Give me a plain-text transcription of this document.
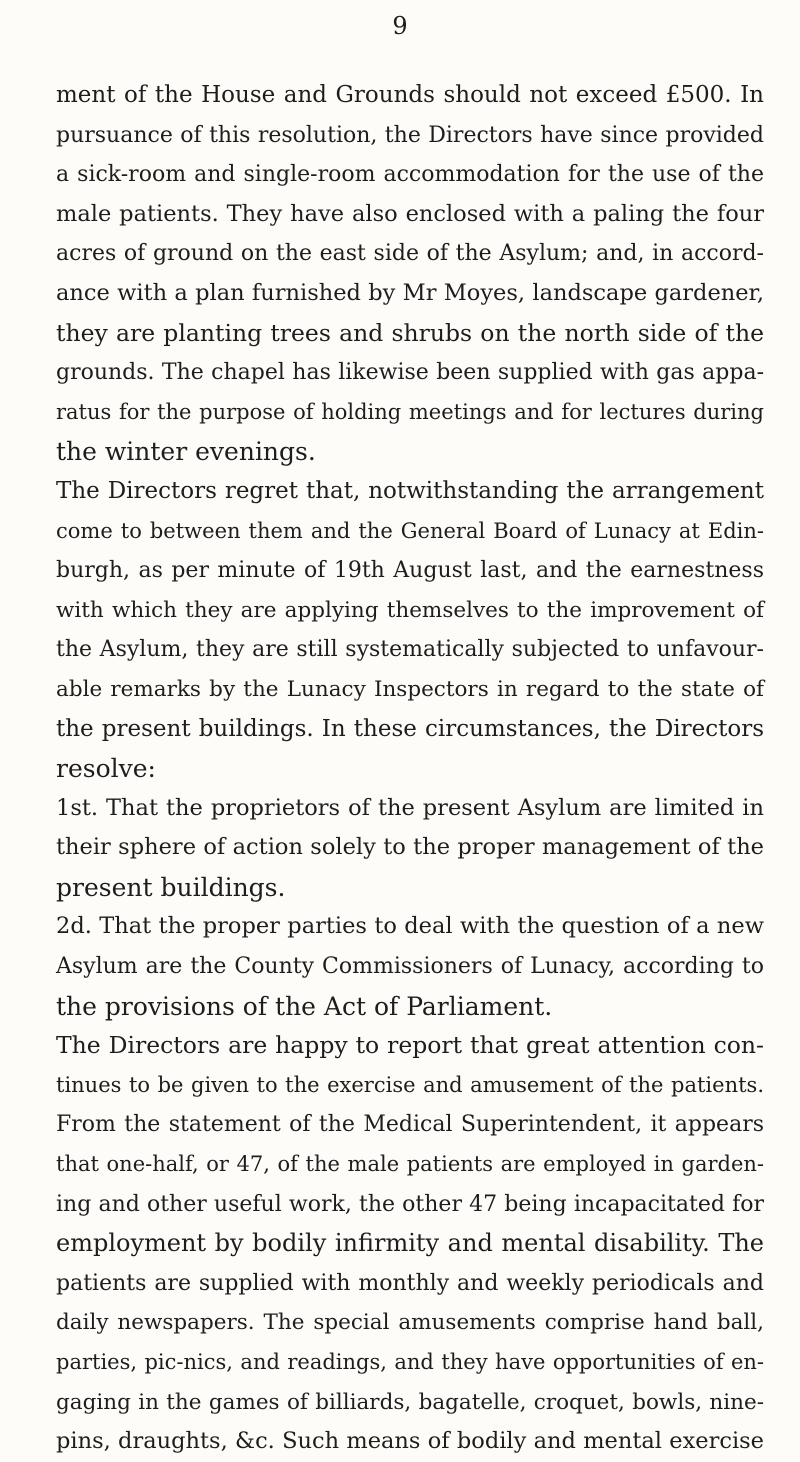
9
ment of the House and Grounds should not exceed £500. In
pursuance of this resolution, the Directors have since provided
a sick-room and single-room accommodation for the use of the
male patients. They have also enclosed with a paling the four
acres of ground on the east side of the Asylum; and, in accord-
ance with a plan furnished by Mr Moyes, landscape gardener,
they are planting trees and shrubs on the north side of the
grounds. The chapel has likewise been supplied with gas appa-
ratus for the purpose of holding meetings and for lectures during
the winter evenings.
The Directors regret that, notwithstanding the arrangement
come to between them and the General Board of Lunacy at Edin-
burgh, as per minute of 19th August last, and the earnestness
with which they are applying themselves to the improvement of
the Asylum, they are still systematically subjected to unfavour-
able remarks by the Lunacy Inspectors in regard to the state of
the present buildings. In these circumstances, the Directors
resolve:
1st. That the proprietors of the present Asylum are limited in
their sphere of action solely to the proper management of the
present buildings.
2d. That the proper parties to deal with the question of a new
Asylum are the County Commissioners of Lunacy, according to
the provisions of the Act of Parliament.
The Directors are happy to report that great attention con-
tinues to be given to the exercise and amusement of the patients.
From the statement of the Medical Superintendent, it appears
that one-half, or 47, of the male patients are employed in garden-
ing and other useful work, the other 47 being incapacitated for
employment by bodily infirmity and mental disability. The
patients are supplied with monthly and weekly periodicals and
daily newspapers. The special amusements comprise hand ball,
parties, pic-nics, and readings, and they have opportunities of en-
gaging in the games of billiards, bagatelle, croquet, bowls, nine-
pins, draughts, &c. Such means of bodily and mental exercise
